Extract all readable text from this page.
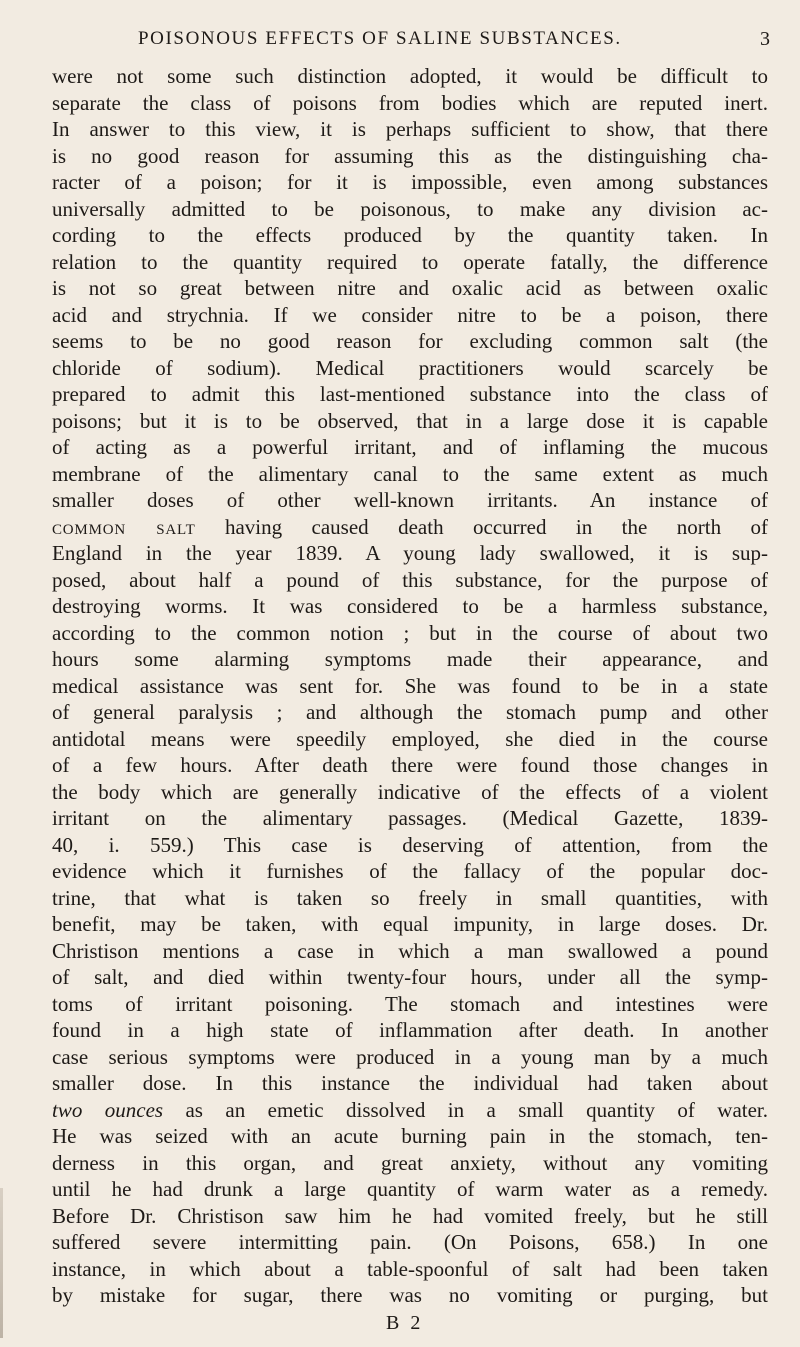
POISONOUS EFFECTS OF SALINE SUBSTANCES.	3
were not some such distinction adopted, it would be difficult to
separate the class of poisons from bodies which are reputed inert.
In answer to this view, it is perhaps sufficient to show, that there
is no good reason for assuming this as the distinguishing cha-
racter of a poison; for it is impossible, even among substances
universally admitted to be poisonous, to make any division ac-
cording to the effects produced by the quantity taken. In
relation to the quantity required to operate fatally, the difference
is not so great between nitre and oxalic acid as between oxalic
acid and strychnia. If we consider nitre to be a poison, there
seems to be no good reason for excluding common salt (the
chloride of sodium). Medical practitioners would scarcely be
prepared to admit this last-mentioned substance into the class of
poisons; but it is to be observed, that in a large dose it is capable
of acting as a powerful irritant, and of inflaming the mucous
membrane of the alimentary canal to the same extent as much
smaller doses of other well-known irritants. An instance of
common salt having caused death occurred in the north of
England in the year 1839. A young lady swallowed, it is sup-
posed, about half a pound of this substance, for the purpose of
destroying worms. It was considered to be a harmless substance,
according to the common notion ; but in the course of about two
hours some alarming symptoms made their appearance, and
medical assistance was sent for. She was found to be in a state
of general paralysis ; and although the stomach pump and other
antidotal means were speedily employed, she died in the course
of a few hours. After death there were found those changes in
the body which are generally indicative of the effects of a violent
irritant on the alimentary passages. (Medical Gazette, 1839-
40, i. 559.) This case is deserving of attention, from the
evidence which it furnishes of the fallacy of the popular doc-
trine, that what is taken so freely in small quantities, with
benefit, may be taken, with equal impunity, in large doses. Dr.
Christison mentions a case in which a man swallowed a pound
of salt, and died within twenty-four hours, under all the symp-
toms of irritant poisoning. The stomach and intestines were
found in a high state of inflammation after death. In another
case serious symptoms were produced in a young man by a much
smaller dose. In this instance the individual had taken about
two ounces as an emetic dissolved in a small quantity of water.
He was seized with an acute burning pain in the stomach, ten-
derness in this organ, and great anxiety, without any vomiting
until he had drunk a large quantity of warm water as a remedy.
Before Dr. Christison saw him he had vomited freely, but he still
suffered severe intermitting pain. (On Poisons, 658.) In one
instance, in which about a table-spoonful of salt had been taken
by mistake for sugar, there was no vomiting or purging, but
B 2
